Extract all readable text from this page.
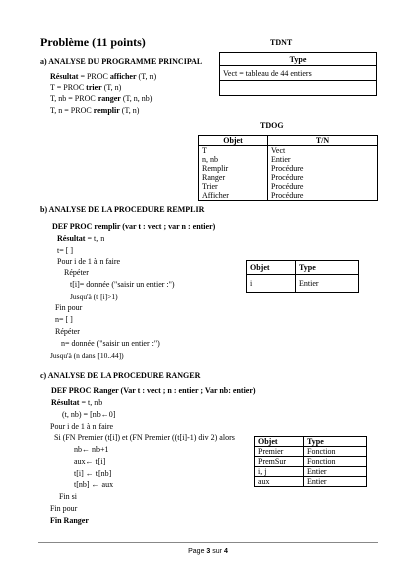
Problème (11 points)	TDNT
Type
Vect = tableau de 44 entiers

a) ANALYSE DU PROGRAMME PRINCIPAL
Résultat = PROC afficher (T, n)
T = PROC trier (T, n)
T, nb = PROC ranger (T, n, nb)
T, n = PROC remplir (T, n)
TDOG
Objet	T/N
T	Vect
n, nb	Entier
Remplir	Procédure
Ranger	Procédure
Trier	Procédure
Afficher	Procédure
b) ANALYSE DE LA PROCEDURE REMPLIR
DEF PROC remplir (var t : vect ; var n : entier)
Résultat = t, n
t= [ ]
Pour i de 1 à n faire
Répéter
t[i]= donnée ("saisir un entier :")
Jusqu'à (t [i]>1)
Fin pour
n= [ ]
Répéter
n= donnée ("saisir un entier :")
Jusqu'à (n dans [10..44])
Objet	Type
i	Entier
c) ANALYSE DE LA PROCEDURE RANGER
DEF PROC Ranger (Var t : vect ; n : entier ; Var nb: entier)
Résultat = t, nb
(t, nb) = [nb←0]
Pour i de 1 à n faire
Si (FN Premier (t[i]) et (FN Premier ((t[i]-1) div 2) alors
nb← nb+1
aux← t[i]
t[i] ← t[nb]
t[nb] ← aux
Fin si
Fin pour
Fin Ranger
Objet	Type
Premier	Fonction
PremSur	Fonction
i, j	Entier
aux	Entier
Page 3 sur 4
